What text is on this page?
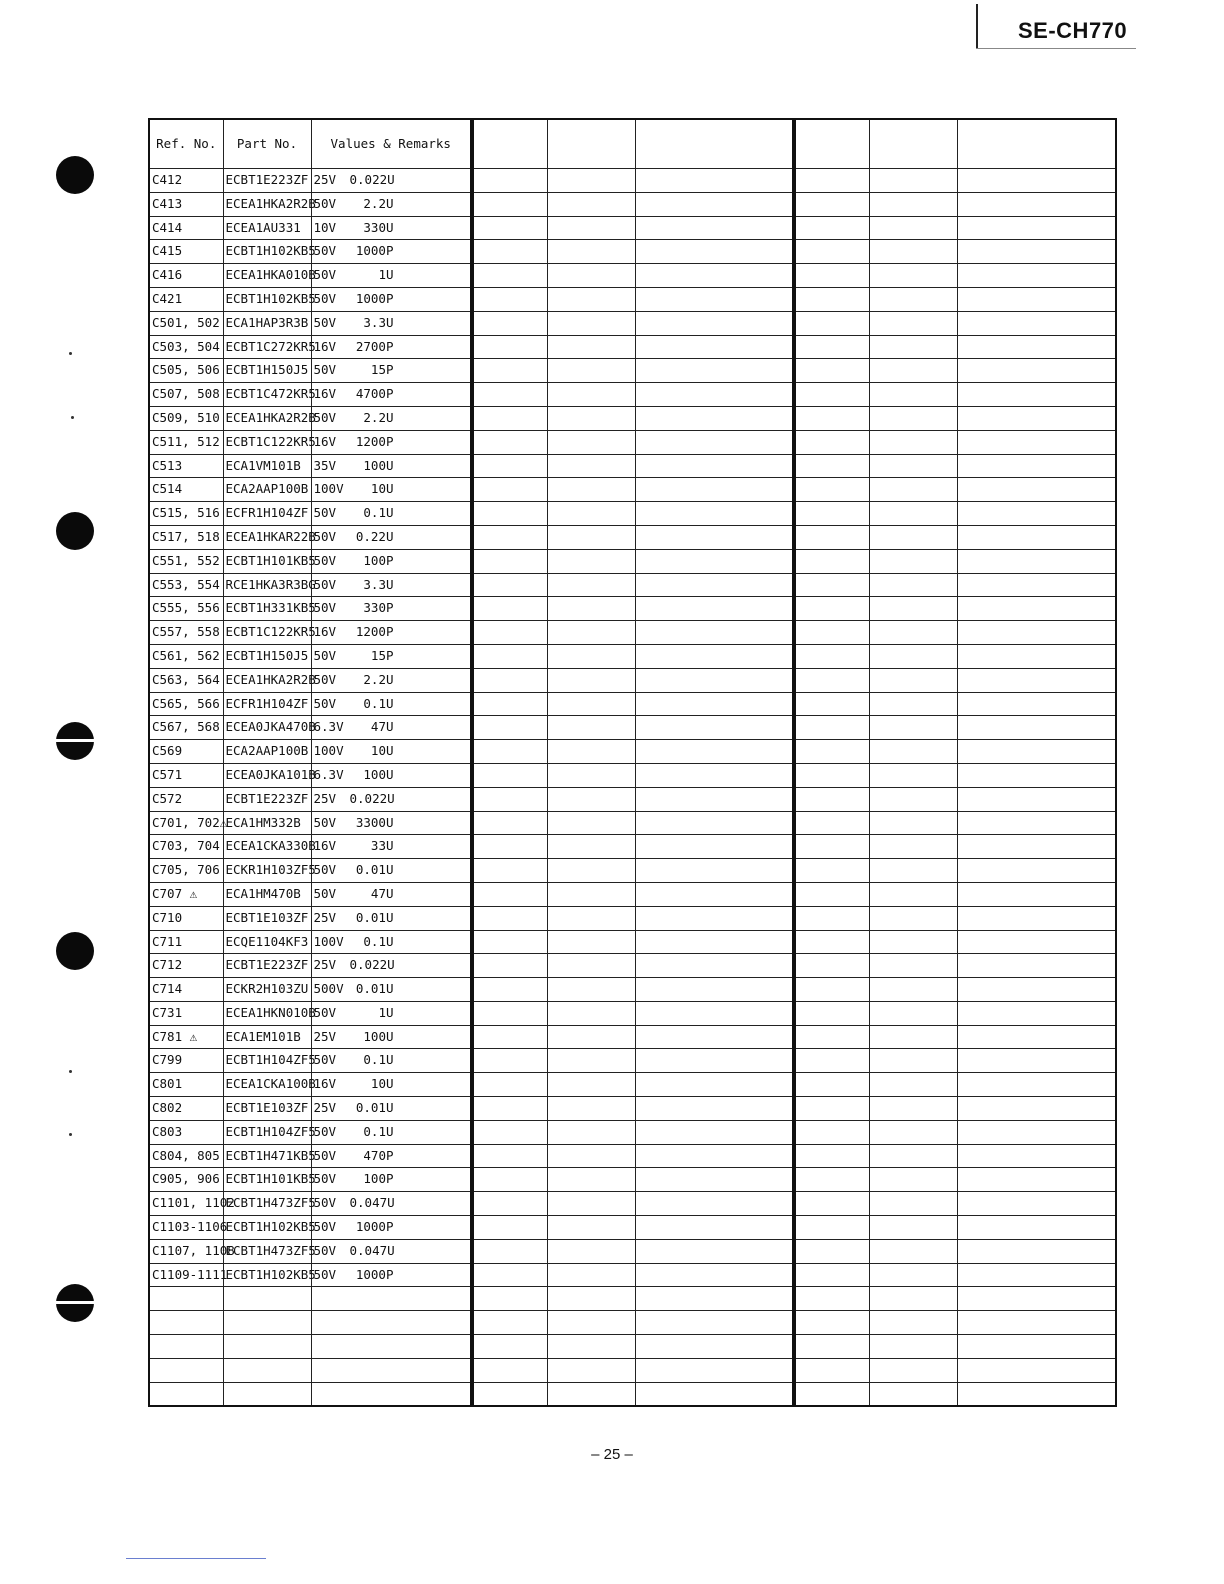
SE-CH770
Ref. No.	Part No.	Values & Remarks
C412	ECBT1E223ZF	25V 0.022U
C413	ECEA1HKA2R2B	50V 2.2U
C414	ECEA1AU331	10V 330U
C415	ECBT1H102KB5	50V 1000P
C416	ECEA1HKA010B	50V 1U
C421	ECBT1H102KB5	50V 1000P
C501, 502	ECA1HAP3R3B	50V 3.3U
C503, 504	ECBT1C272KR5	16V 2700P
C505, 506	ECBT1H150J5	50V 15P
C507, 508	ECBT1C472KR5	16V 4700P
C509, 510	ECEA1HKA2R2B	50V 2.2U
C511, 512	ECBT1C122KR5	16V 1200P
C513	ECA1VM101B	35V 100U
C514	ECA2AAP100B	100V 10U
C515, 516	ECFR1H104ZF	50V 0.1U
C517, 518	ECEA1HKAR22B	50V 0.22U
C551, 552	ECBT1H101KB5	50V 100P
C553, 554	RCE1HKA3R3BG	50V 3.3U
C555, 556	ECBT1H331KB5	50V 330P
C557, 558	ECBT1C122KR5	16V 1200P
C561, 562	ECBT1H150J5	50V 15P
C563, 564	ECEA1HKA2R2B	50V 2.2U
C565, 566	ECFR1H104ZF	50V 0.1U
C567, 568	ECEA0JKA470B	6.3V 47U
C569	ECA2AAP100B	100V 10U
C571	ECEA0JKA101B	6.3V 100U
C572	ECBT1E223ZF	25V 0.022U
C701, 702⚠	ECA1HM332B	50V 3300U
C703, 704	ECEA1CKA330B	16V 33U
C705, 706	ECKR1H103ZF5	50V 0.01U
C707 ⚠	ECA1HM470B	50V 47U
C710	ECBT1E103ZF	25V 0.01U
C711	ECQE1104KF3	100V 0.1U
C712	ECBT1E223ZF	25V 0.022U
C714	ECKR2H103ZU	500V 0.01U
C731	ECEA1HKN010B	50V 1U
C781 ⚠	ECA1EM101B	25V 100U
C799	ECBT1H104ZF5	50V 0.1U
C801	ECEA1CKA100B	16V 10U
C802	ECBT1E103ZF	25V 0.01U
C803	ECBT1H104ZF5	50V 0.1U
C804, 805	ECBT1H471KB5	50V 470P
C905, 906	ECBT1H101KB5	50V 100P
C1101, 1102	ECBT1H473ZF5	50V 0.047U
C1103-1106	ECBT1H102KB5	50V 1000P
C1107, 1108	ECBT1H473ZF5	50V 0.047U
C1109-1111	ECBT1H102KB5	50V 1000P

– 25 –
